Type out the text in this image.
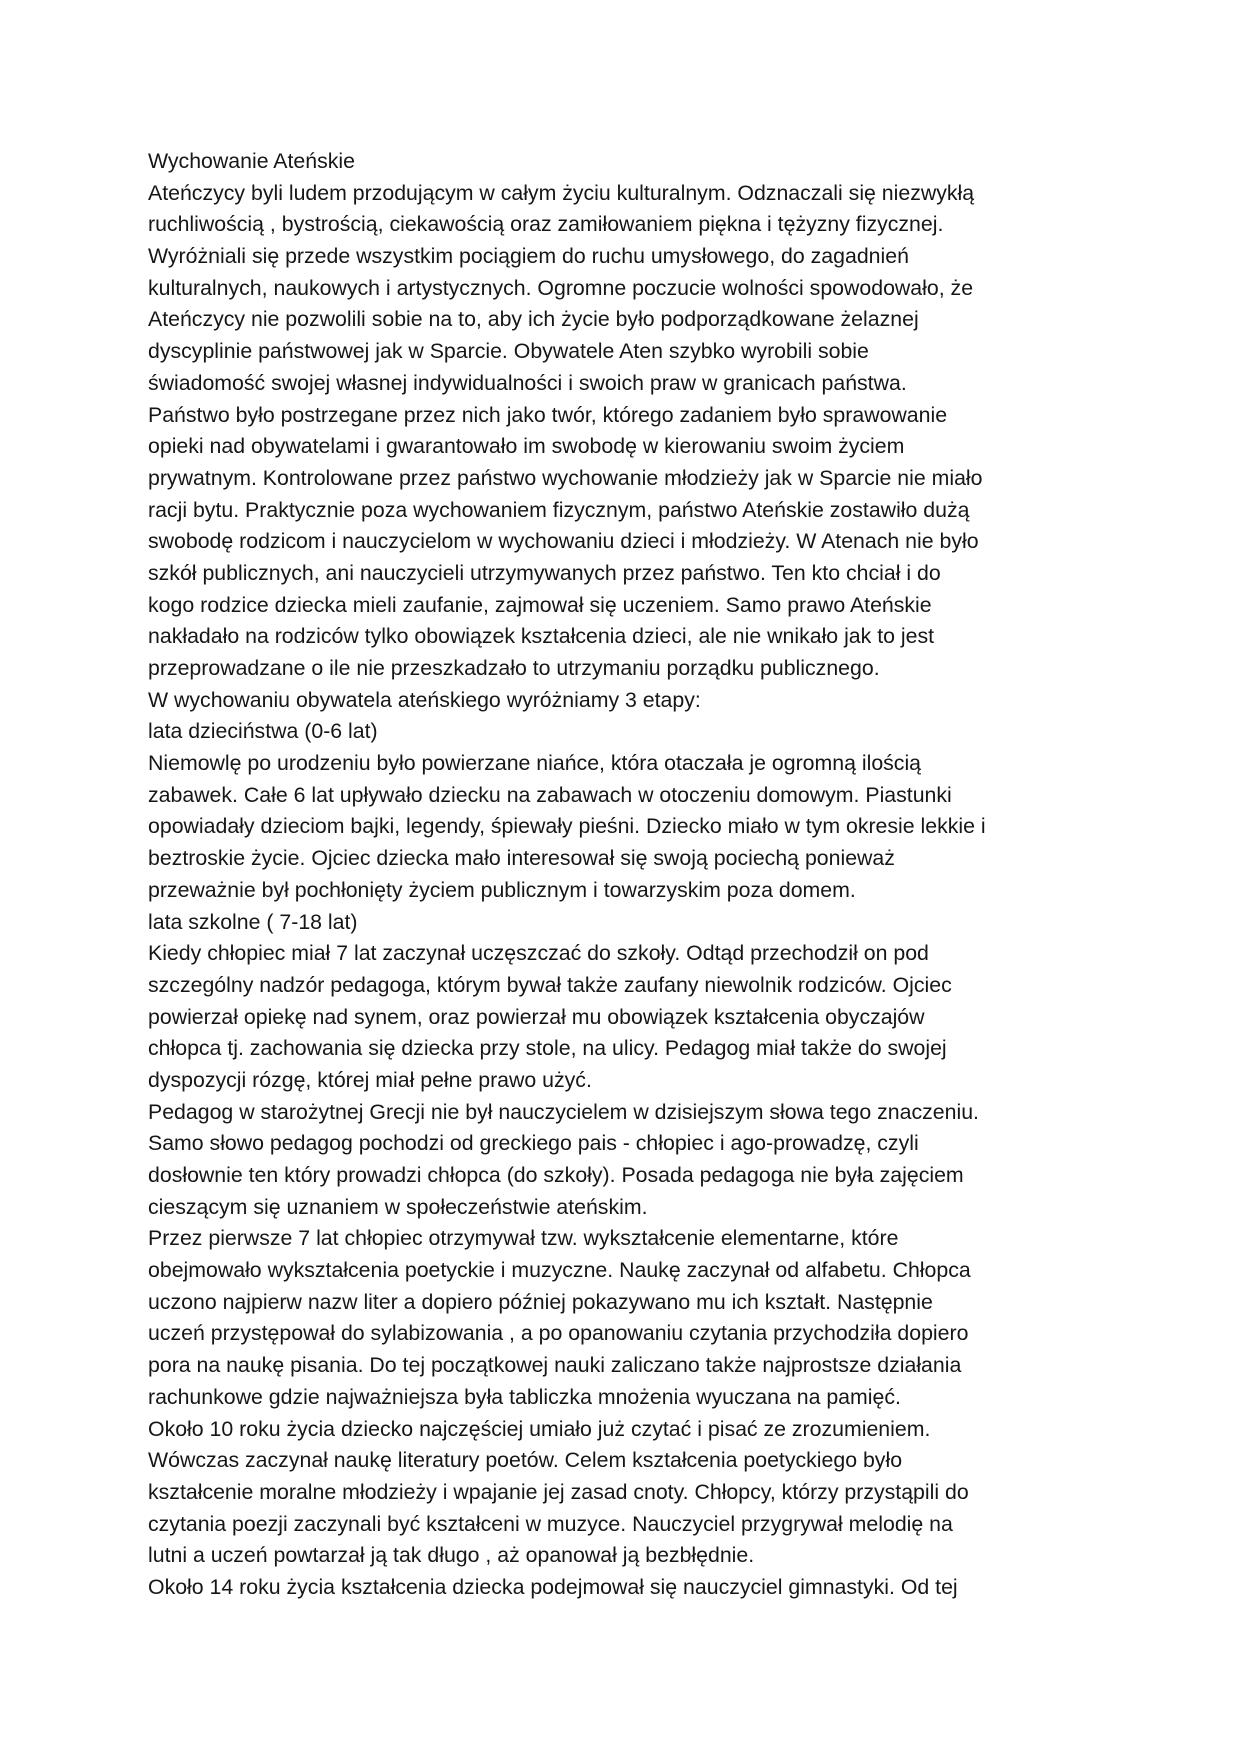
Wychowanie Ateńskie
Ateńczycy byli ludem przodującym w całym życiu kulturalnym. Odznaczali się niezwykłą
ruchliwością , bystrością, ciekawością oraz zamiłowaniem piękna i tężyzny fizycznej.
Wyróżniali się przede wszystkim pociągiem do ruchu umysłowego, do zagadnień
kulturalnych, naukowych i artystycznych. Ogromne poczucie wolności spowodowało, że
Ateńczycy nie pozwolili sobie na to, aby ich życie było podporządkowane żelaznej
dyscyplinie państwowej jak w Sparcie. Obywatele Aten szybko wyrobili sobie
świadomość swojej własnej indywidualności i swoich praw w granicach państwa.
Państwo było postrzegane przez nich jako twór, którego zadaniem było sprawowanie
opieki nad obywatelami i gwarantowało im swobodę w kierowaniu swoim życiem
prywatnym. Kontrolowane przez państwo wychowanie młodzieży jak w Sparcie nie miało
racji bytu. Praktycznie poza wychowaniem fizycznym, państwo Ateńskie zostawiło dużą
swobodę rodzicom i nauczycielom w wychowaniu dzieci i młodzieży. W Atenach nie było
szkół publicznych, ani nauczycieli utrzymywanych przez państwo. Ten kto chciał i do
kogo rodzice dziecka mieli zaufanie, zajmował się uczeniem. Samo prawo Ateńskie
nakładało na rodziców tylko obowiązek kształcenia dzieci, ale nie wnikało jak to jest
przeprowadzane o ile nie przeszkadzało to utrzymaniu porządku publicznego.
W wychowaniu obywatela ateńskiego wyróżniamy 3 etapy:
lata dzieciństwa (0-6 lat)
Niemowlę po urodzeniu było powierzane niańce, która otaczała je ogromną ilością
zabawek. Całe 6 lat upływało dziecku na zabawach w otoczeniu domowym. Piastunki
opowiadały dzieciom bajki, legendy, śpiewały pieśni. Dziecko miało w tym okresie lekkie i
beztroskie życie. Ojciec dziecka mało interesował się swoją pociechą ponieważ
przeważnie był pochłonięty życiem publicznym i towarzyskim poza domem.
lata szkolne ( 7-18 lat)
Kiedy chłopiec miał 7 lat zaczynał uczęszczać do szkoły. Odtąd przechodził on pod
szczególny nadzór pedagoga, którym bywał także zaufany niewolnik rodziców. Ojciec
powierzał opiekę nad synem, oraz powierzał mu obowiązek kształcenia obyczajów
chłopca tj. zachowania się dziecka przy stole, na ulicy. Pedagog miał także do swojej
dyspozycji rózgę, której miał pełne prawo użyć.
Pedagog w starożytnej Grecji nie był nauczycielem w dzisiejszym słowa tego znaczeniu.
Samo słowo pedagog pochodzi od greckiego pais - chłopiec i ago-prowadzę, czyli
dosłownie ten który prowadzi chłopca (do szkoły). Posada pedagoga nie była zajęciem
cieszącym się uznaniem w społeczeństwie ateńskim.
Przez pierwsze 7 lat chłopiec otrzymywał tzw. wykształcenie elementarne, które
obejmowało wykształcenia poetyckie i muzyczne. Naukę zaczynał od alfabetu. Chłopca
uczono najpierw nazw liter a dopiero później pokazywano mu ich kształt. Następnie
uczeń przystępował do sylabizowania , a po opanowaniu czytania przychodziła dopiero
pora na naukę pisania. Do tej początkowej nauki zaliczano także najprostsze działania
rachunkowe gdzie najważniejsza była tabliczka mnożenia wyuczana na pamięć.
Około 10 roku życia dziecko najczęściej umiało już czytać i pisać ze zrozumieniem.
Wówczas zaczynał naukę literatury poetów. Celem kształcenia poetyckiego było
kształcenie moralne młodzieży i wpajanie jej zasad cnoty. Chłopcy, którzy przystąpili do
czytania poezji zaczynali być kształceni w muzyce. Nauczyciel przygrywał melodię na
lutni a uczeń powtarzał ją tak długo , aż opanował ją bezbłędnie.
Około 14 roku życia kształcenia dziecka podejmował się nauczyciel gimnastyki. Od tej
